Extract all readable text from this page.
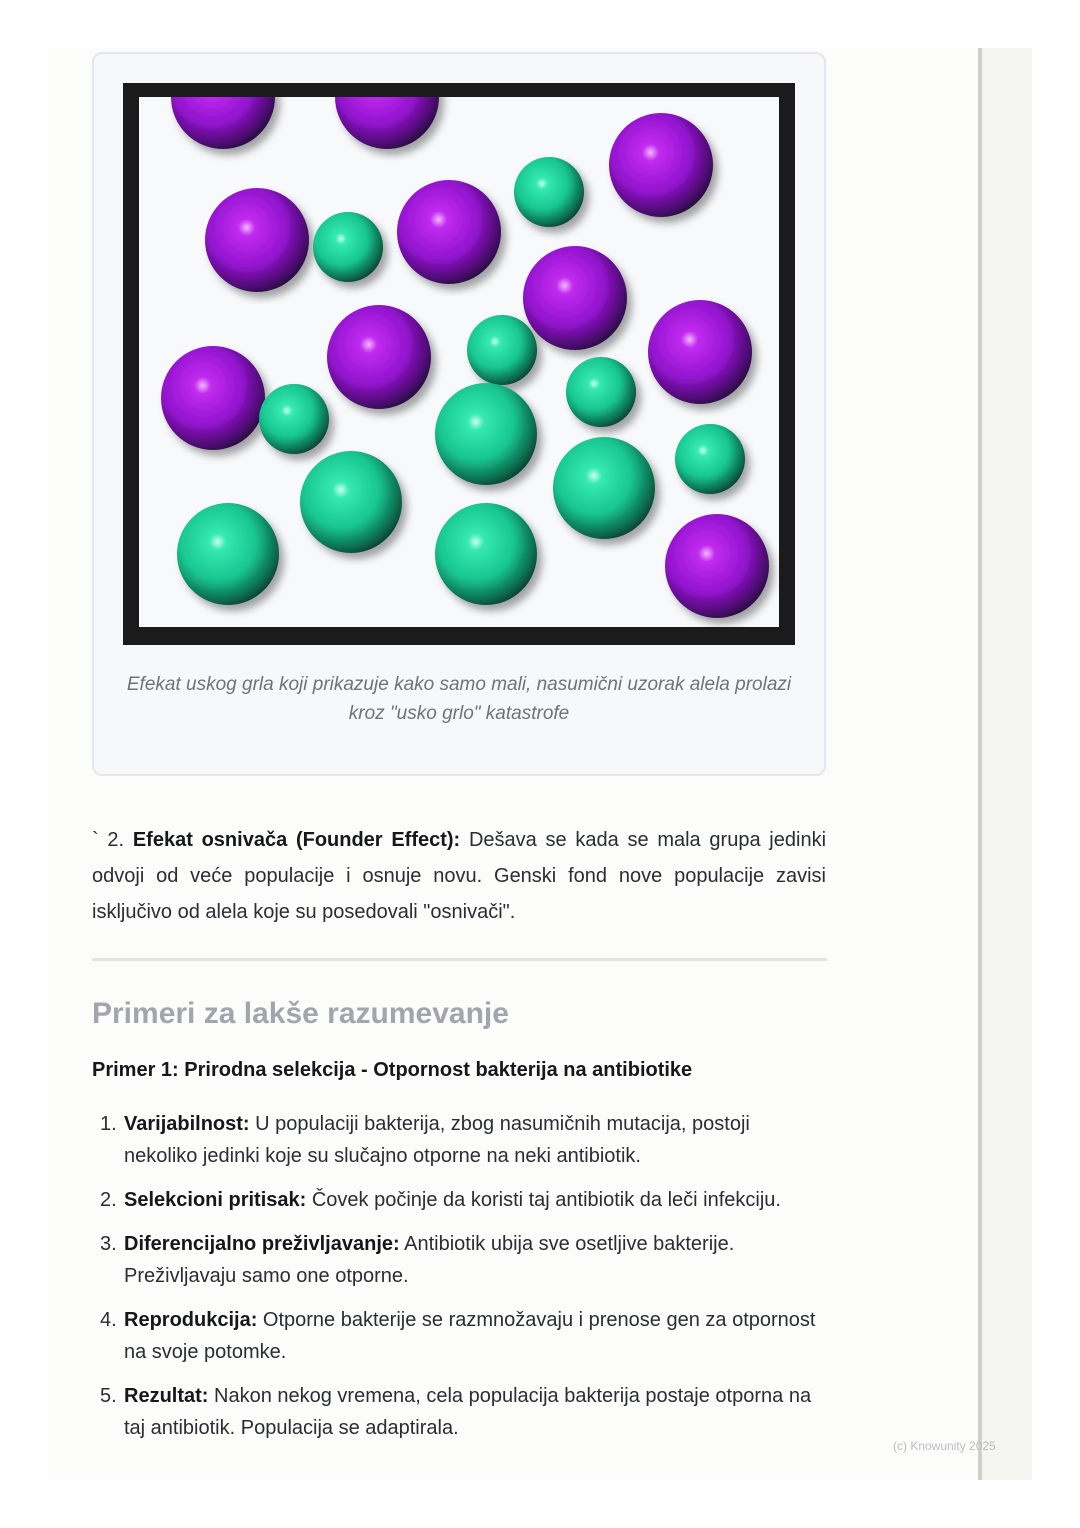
Efekat uskog grla koji prikazuje kako samo mali, nasumični uzorak alela prolazi kroz "usko grlo" katastrofe

` 2. Efekat osnivača (Founder Effect): Dešava se kada se mala grupa jedinki odvoji od veće populacije i osnuje novu. Genski fond nove populacije zavisi isključivo od alela koje su posedovali "osnivači".

Primeri za lakše razumevanje
Primer 1: Prirodna selekcija - Otpornost bakterija na antibiotike
1. Varijabilnost: U populaciji bakterija, zbog nasumičnih mutacija, postoji nekoliko jedinki koje su slučajno otporne na neki antibiotik.
2. Selekcioni pritisak: Čovek počinje da koristi taj antibiotik da leči infekciju.
3. Diferencijalno preživljavanje: Antibiotik ubija sve osetljive bakterije. Preživljavaju samo one otporne.
4. Reprodukcija: Otporne bakterije se razmnožavaju i prenose gen za otpornost na svoje potomke.
5. Rezultat: Nakon nekog vremena, cela populacija bakterija postaje otporna na taj antibiotik. Populacija se adaptirala.
(c) Knowunity 2025
